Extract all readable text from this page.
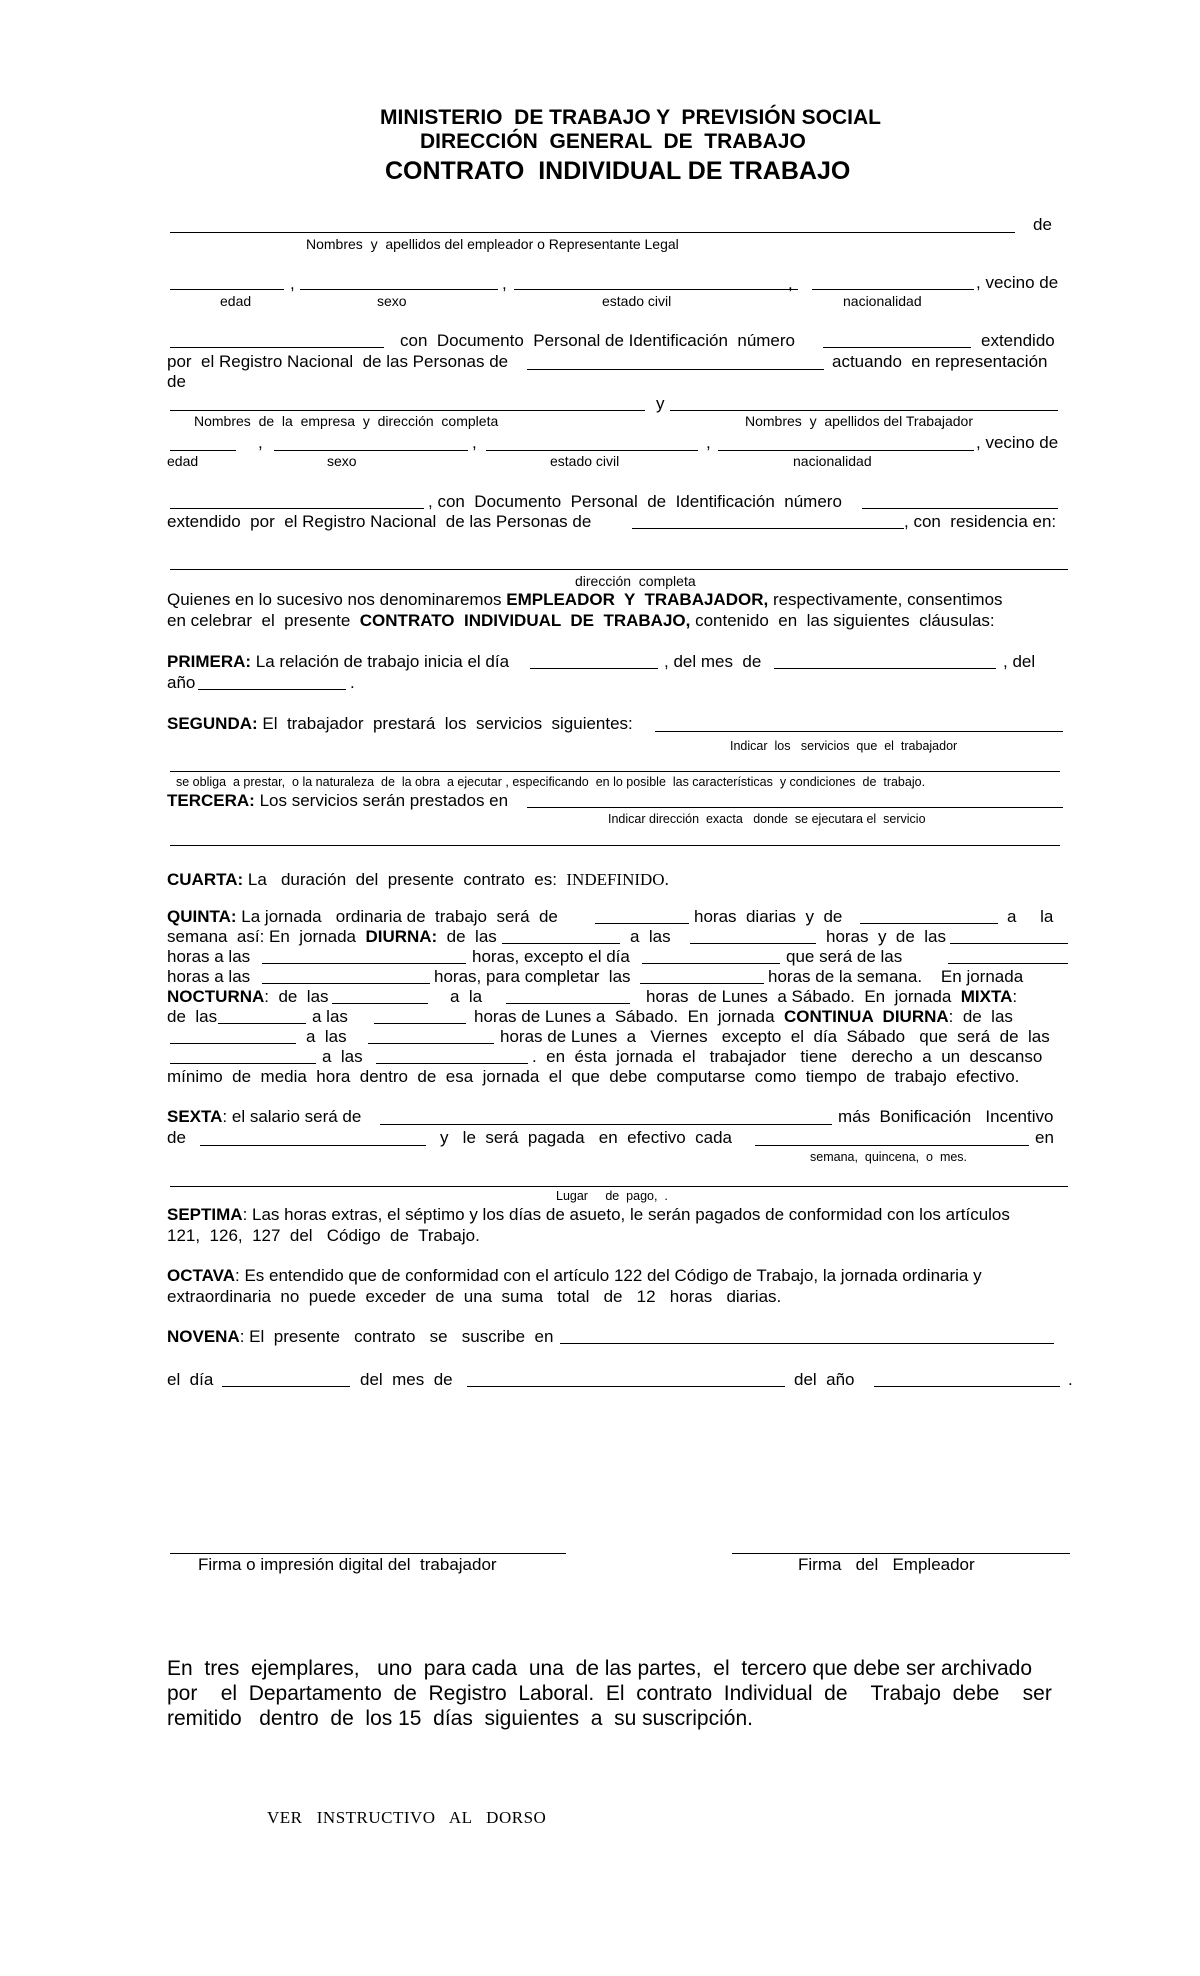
MINISTERIO  DE TRABAJO Y  PREVISIÓN SOCIAL
DIRECCIÓN  GENERAL  DE  TRABAJO
CONTRATO  INDIVIDUAL DE TRABAJO
de
Nombres  y  apellidos del empleador o Representante Legal
,	,	,	, vecino de
edad	sexo	estado civil	nacionalidad
con  Documento  Personal de Identificación  número	extendido
por  el Registro Nacional  de las Personas de	actuando  en representación
de
y
Nombres  de  la  empresa  y  dirección  completa	Nombres  y  apellidos del Trabajador
,	,	,	, vecino de
edad	sexo	estado civil	nacionalidad
, con  Documento  Personal  de  Identificación  número
extendido  por  el Registro Nacional  de las Personas de	, con  residencia en:
dirección  completa
Quienes en lo sucesivo nos denominaremos EMPLEADOR  Y  TRABAJADOR, respectivamente, consentimos
en celebrar  el  presente  CONTRATO  INDIVIDUAL  DE  TRABAJO, contenido  en  las siguientes  cláusulas:
PRIMERA: La relación de trabajo inicia el día	, del mes  de	, del
año	.
SEGUNDA: El  trabajador  prestará  los  servicios  siguientes:
Indicar  los   servicios  que  el  trabajador
se obliga  a prestar,  o la naturaleza  de  la obra  a ejecutar , especificando  en lo posible  las características  y condiciones  de  trabajo.
TERCERA: Los servicios serán prestados en
Indicar dirección  exacta   donde  se ejecutara el  servicio
CUARTA: La   duración  del  presente  contrato  es:  INDEFINIDO.
QUINTA: La jornada   ordinaria de  trabajo  será  de	horas  diarias  y  de	a     la
semana  así: En  jornada  DIURNA:  de  las	a  las	horas  y  de  las
horas a las	horas, excepto el día	que será de las
horas a las	horas, para completar  las	horas de la semana.    En jornada
NOCTURNA:  de  las	a  la	horas  de Lunes  a Sábado.  En  jornada  MIXTA:
de  las	a las	horas de Lunes a  Sábado.  En  jornada  CONTINUA  DIURNA:  de  las
a  las	horas de Lunes  a   Viernes   excepto  el  día  Sábado   que  será  de  las
a  las	.  en  ésta  jornada  el   trabajador   tiene   derecho  a  un  descanso
mínimo  de  media  hora  dentro  de  esa  jornada  el  que  debe  computarse  como  tiempo  de  trabajo  efectivo.
SEXTA: el salario será de	más  Bonificación   Incentivo
de	y   le  será  pagada   en  efectivo  cada	en
semana,  quincena,  o  mes.
Lugar     de  pago,  .
SEPTIMA: Las horas extras, el séptimo y los días de asueto, le serán pagados de conformidad con los artículos
121,  126,  127  del   Código  de  Trabajo.
OCTAVA: Es entendido que de conformidad con el artículo 122 del Código de Trabajo, la jornada ordinaria y
extraordinaria  no  puede  exceder  de  una  suma   total   de   12   horas   diarias.
NOVENA: El  presente   contrato   se   suscribe  en
el  día	del  mes  de	del  año	.
Firma o impresión digital del  trabajador	Firma   del   Empleador
En  tres  ejemplares,   uno  para cada  una  de las partes,  el  tercero que debe ser archivado
por    el  Departamento  de  Registro  Laboral.  El  contrato  Individual  de    Trabajo  debe    ser
remitido   dentro  de  los 15  días  siguientes  a  su suscripción.
VER   INSTRUCTIVO   AL   DORSO
